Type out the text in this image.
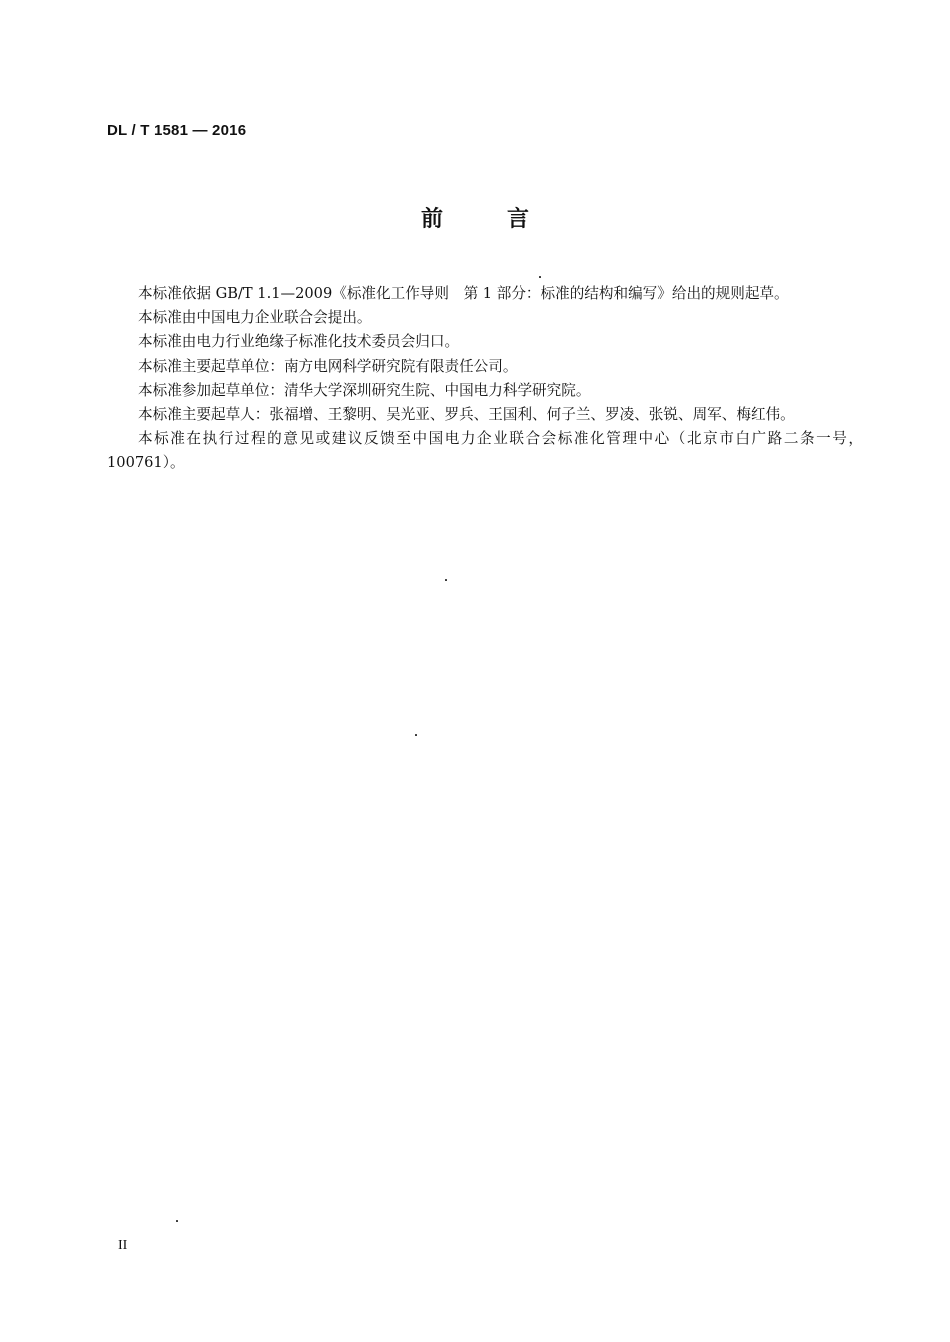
DL / T 1581 — 2016
前	言

本标准依据 GB/T 1.1—2009《标准化工作导则　第 1 部分：标准的结构和编写》给出的规则起草。

本标准由中国电力企业联合会提出。

本标准由电力行业绝缘子标准化技术委员会归口。

本标准主要起草单位：南方电网科学研究院有限责任公司。

本标准参加起草单位：清华大学深圳研究生院、中国电力科学研究院。

本标准主要起草人：张福增、王黎明、吴光亚、罗兵、王国利、何子兰、罗凌、张锐、周军、梅红伟。

本标准在执行过程的意见或建议反馈至中国电力企业联合会标准化管理中心（北京市白广路二条一号，100761）。

II
